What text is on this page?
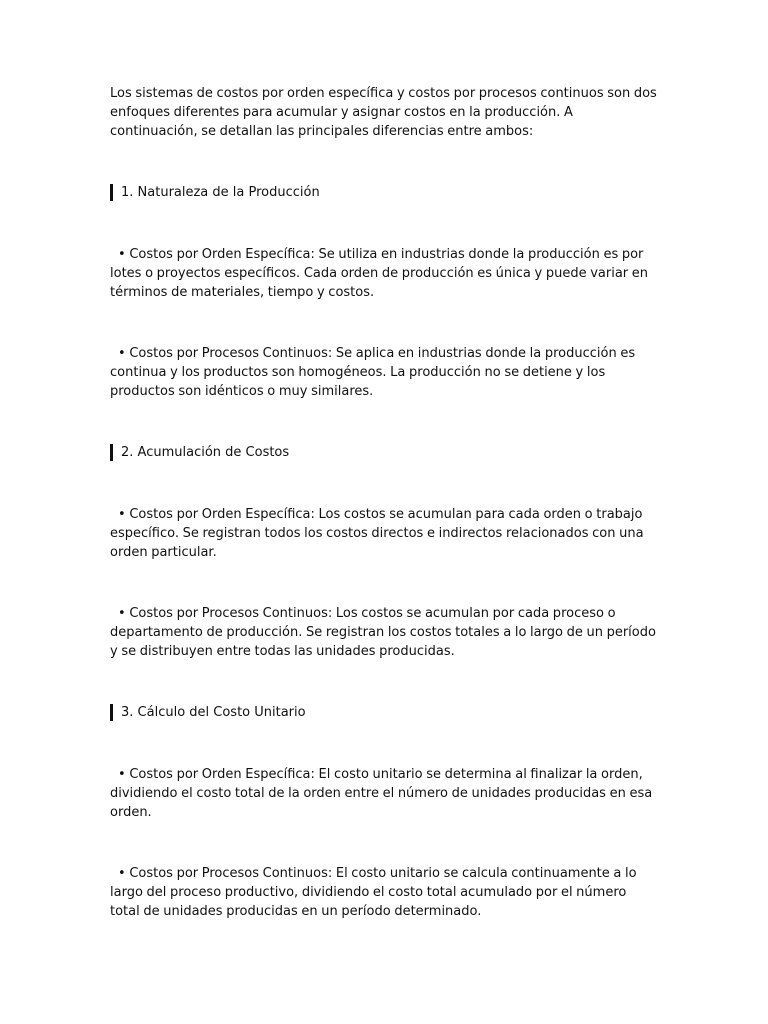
Los sistemas de costos por orden específica y costos por procesos continuos son dos enfoques diferentes para acumular y asignar costos en la producción. A continuación, se detallan las principales diferencias entre ambos:

1. Naturaleza de la Producción

• Costos por Orden Específica: Se utiliza en industrias donde la producción es por lotes o proyectos específicos. Cada orden de producción es única y puede variar en términos de materiales, tiempo y costos.

• Costos por Procesos Continuos: Se aplica en industrias donde la producción es continua y los productos son homogéneos. La producción no se detiene y los productos son idénticos o muy similares.

2. Acumulación de Costos

• Costos por Orden Específica: Los costos se acumulan para cada orden o trabajo específico. Se registran todos los costos directos e indirectos relacionados con una orden particular.

• Costos por Procesos Continuos: Los costos se acumulan por cada proceso o departamento de producción. Se registran los costos totales a lo largo de un período y se distribuyen entre todas las unidades producidas.

3. Cálculo del Costo Unitario

• Costos por Orden Específica: El costo unitario se determina al finalizar la orden, dividiendo el costo total de la orden entre el número de unidades producidas en esa orden.

• Costos por Procesos Continuos: El costo unitario se calcula continuamente a lo largo del proceso productivo, dividiendo el costo total acumulado por el número total de unidades producidas en un período determinado.
